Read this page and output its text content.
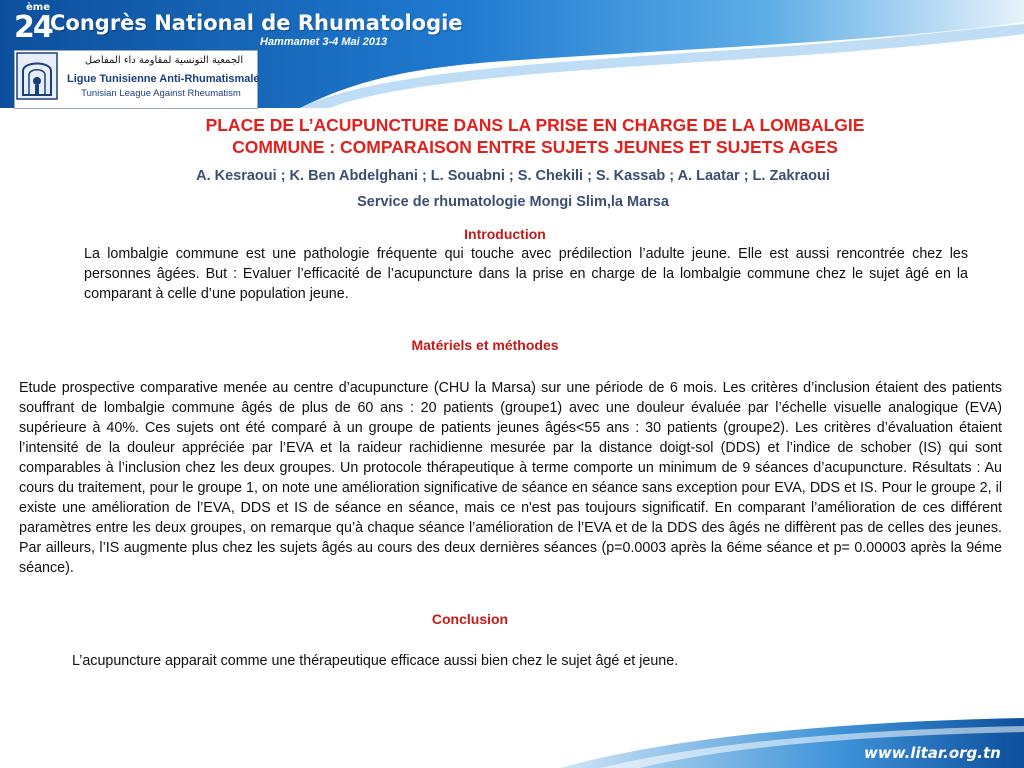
ème
24
Congrès National de Rhumatologie
Hammamet 3-4 Mai 2013
الجمعية التونسية لمقاومة داء المفاصل
Ligue Tunisienne Anti-Rhumatismale
Tunisian League Against Rheumatism
PLACE DE L’ACUPUNCTURE DANS LA PRISE EN CHARGE DE LA LOMBALGIE
COMMUNE : COMPARAISON ENTRE SUJETS JEUNES ET SUJETS AGES
A. Kesraoui ; K. Ben Abdelghani ; L. Souabni ; S. Chekili ; S. Kassab ; A. Laatar ; L. Zakraoui
Service de rhumatologie Mongi Slim,la Marsa
Introduction
La lombalgie commune est une pathologie fréquente qui touche avec prédilection l’adulte jeune. Elle est aussi rencontrée chez les personnes âgées. But : Evaluer l’efficacité de l’acupuncture dans la prise en charge de la lombalgie commune chez le sujet âgé en la comparant à celle d’une population jeune.
Matériels et méthodes
Etude prospective comparative menée au centre d’acupuncture (CHU la Marsa) sur une période de 6 mois. Les critères d’inclusion étaient des patients souffrant de lombalgie commune âgés de plus de 60 ans : 20 patients (groupe1) avec une douleur évaluée par l’échelle visuelle analogique (EVA) supérieure à 40%. Ces sujets ont été comparé à un groupe de patients jeunes âgés<55 ans : 30 patients (groupe2). Les critères d’évaluation étaient l’intensité de la douleur appréciée par l’EVA et la raideur rachidienne mesurée par la distance doigt-sol (DDS) et l’indice de schober (IS) qui sont comparables à l’inclusion chez les deux groupes. Un protocole thérapeutique à terme comporte un minimum de 9 séances d’acupuncture. Résultats : Au cours du traitement, pour le groupe 1, on note une amélioration significative de séance en séance sans exception pour EVA, DDS et IS. Pour le groupe 2, il existe une amélioration de l’EVA, DDS et IS de séance en séance, mais ce n'est pas toujours significatif. En comparant l’amélioration de ces différent paramètres entre les deux groupes, on remarque qu’à chaque séance l’amélioration de l’EVA et de la DDS des âgés ne diffèrent pas de celles des jeunes. Par ailleurs, l’IS augmente plus chez les sujets âgés au cours des deux dernières séances (p=0.0003 après la 6éme séance et p= 0.00003 après la 9éme séance).
Conclusion
L’acupuncture apparait comme une thérapeutique efficace aussi bien chez le sujet âgé et jeune.
www.litar.org.tn
